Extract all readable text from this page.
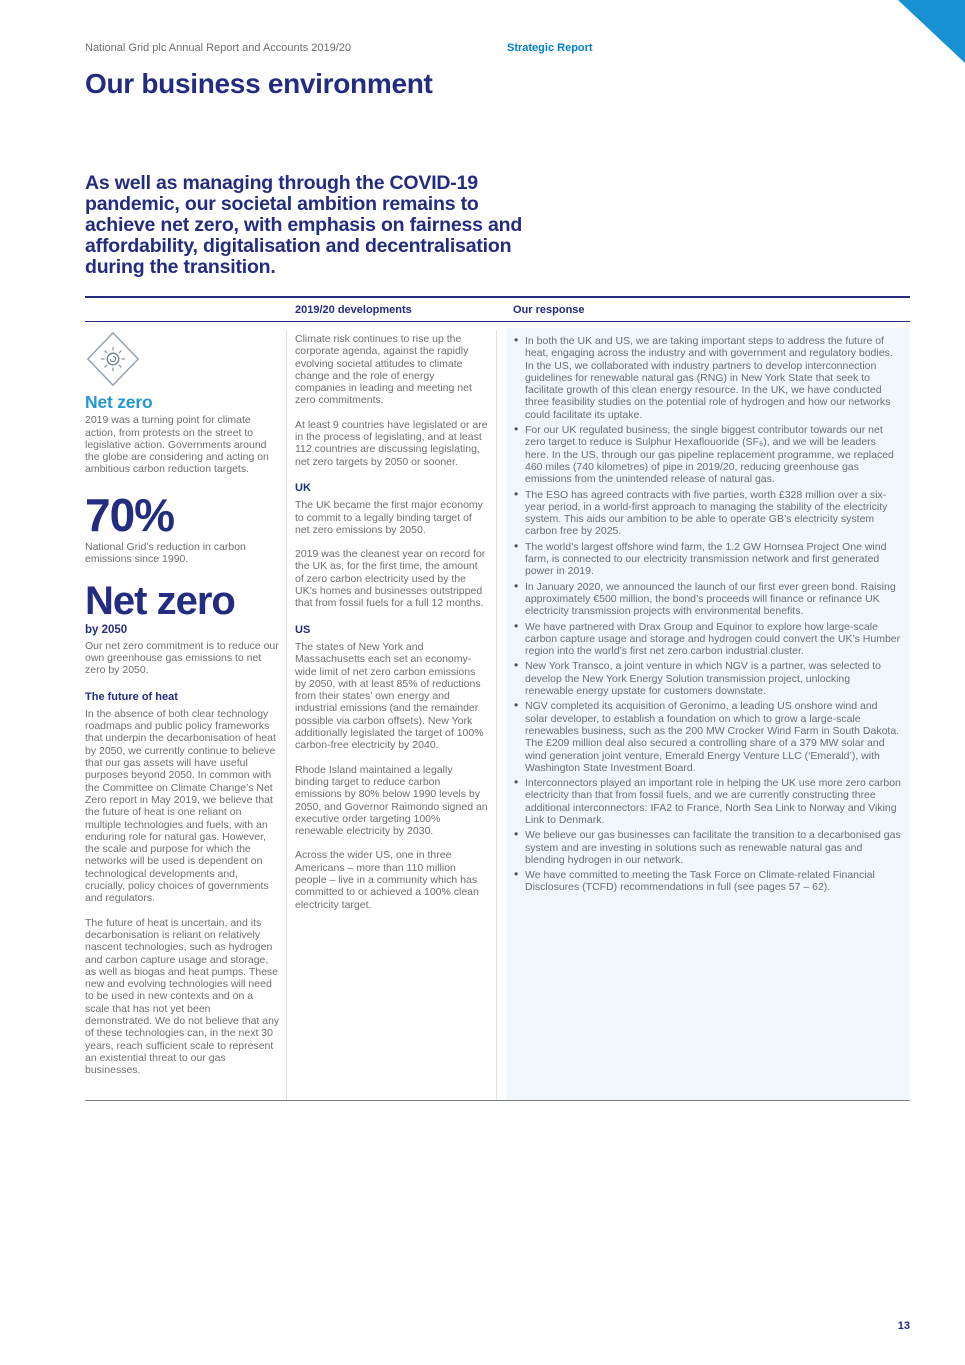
National Grid plc Annual Report and Accounts 2019/20	Strategic Report
Our business environment

As well as managing through the COVID-19 pandemic, our societal ambition remains to achieve net zero, with emphasis on fairness and affordability, digitalisation and decentralisation during the transition.

2019/20 developments	Our response
Net zero

2019 was a turning point for climate action, from protests on the street to legislative action. Governments around the globe are considering and acting on ambitious carbon reduction targets.

70%

National Grid’s reduction in carbon emissions since 1990.

Net zero
by 2050

Our net zero commitment is to reduce our own greenhouse gas emissions to net zero by 2050.

The future of heat

In the absence of both clear technology roadmaps and public policy frameworks that underpin the decarbonisation of heat by 2050, we currently continue to believe that our gas assets will have useful purposes beyond 2050. In common with the Committee on Climate Change’s Net Zero report in May 2019, we believe that the future of heat is one reliant on multiple technologies and fuels, with an enduring role for natural gas. However, the scale and purpose for which the networks will be used is dependent on technological developments and, crucially, policy choices of governments and regulators.

The future of heat is uncertain, and its decarbonisation is reliant on relatively nascent technologies, such as hydrogen and carbon capture usage and storage, as well as biogas and heat pumps. These new and evolving technologies will need to be used in new contexts and on a scale that has not yet been demonstrated. We do not believe that any of these technologies can, in the next 30 years, reach sufficient scale to represent an existential threat to our gas businesses.

Climate risk continues to rise up the corporate agenda, against the rapidly evolving societal attitudes to climate change and the role of energy companies in leading and meeting net zero commitments.

At least 9 countries have legislated or are in the process of legislating, and at least 112 countries are discussing legislating, net zero targets by 2050 or sooner.

UK

The UK became the first major economy to commit to a legally binding target of net zero emissions by 2050.

2019 was the cleanest year on record for the UK as, for the first time, the amount of zero carbon electricity used by the UK’s homes and businesses outstripped that from fossil fuels for a full 12 months.

US

The states of New York and Massachusetts each set an economy-wide limit of net zero carbon emissions by 2050, with at least 85% of reductions from their states’ own energy and industrial emissions (and the remainder possible via carbon offsets). New York additionally legislated the target of 100% carbon-free electricity by 2040.

Rhode Island maintained a legally binding target to reduce carbon emissions by 80% below 1990 levels by 2050, and Governor Raimondo signed an executive order targeting 100% renewable electricity by 2030.

Across the wider US, one in three Americans – more than 110 million people – live in a community which has committed to or achieved a 100% clean electricity target.

• In both the UK and US, we are taking important steps to address the future of heat, engaging across the industry and with government and regulatory bodies. In the US, we collaborated with industry partners to develop interconnection guidelines for renewable natural gas (RNG) in New York State that seek to facilitate growth of this clean energy resource. In the UK, we have conducted three feasibility studies on the potential role of hydrogen and how our networks could facilitate its uptake.
• For our UK regulated business, the single biggest contributor towards our net zero target to reduce is Sulphur Hexaflouoride (SF₆), and we will be leaders here. In the US, through our gas pipeline replacement programme, we replaced 460 miles (740 kilometres) of pipe in 2019/20, reducing greenhouse gas emissions from the unintended release of natural gas.
• The ESO has agreed contracts with five parties, worth £328 million over a six-year period, in a world-first approach to managing the stability of the electricity system. This aids our ambition to be able to operate GB’s electricity system carbon free by 2025.
• The world’s largest offshore wind farm, the 1.2 GW Hornsea Project One wind farm, is connected to our electricity transmission network and first generated power in 2019.
• In January 2020, we announced the launch of our first ever green bond. Raising approximately €500 million, the bond’s proceeds will finance or refinance UK electricity transmission projects with environmental benefits.
• We have partnered with Drax Group and Equinor to explore how large-scale carbon capture usage and storage and hydrogen could convert the UK’s Humber region into the world’s first net zero carbon industrial cluster.
• New York Transco, a joint venture in which NGV is a partner, was selected to develop the New York Energy Solution transmission project, unlocking renewable energy upstate for customers downstate.
• NGV completed its acquisition of Geronimo, a leading US onshore wind and solar developer, to establish a foundation on which to grow a large-scale renewables business, such as the 200 MW Crocker Wind Farm in South Dakota. The £209 million deal also secured a controlling share of a 379 MW solar and wind generation joint venture, Emerald Energy Venture LLC (‘Emerald’), with Washington State Investment Board.
• Interconnectors played an important role in helping the UK use more zero carbon electricity than that from fossil fuels, and we are currently constructing three additional interconnectors: IFA2 to France, North Sea Link to Norway and Viking Link to Denmark.
• We believe our gas businesses can facilitate the transition to a decarbonised gas system and are investing in solutions such as renewable natural gas and blending hydrogen in our network.
• We have committed to meeting the Task Force on Climate-related Financial Disclosures (TCFD) recommendations in full (see pages 57 – 62).
13
